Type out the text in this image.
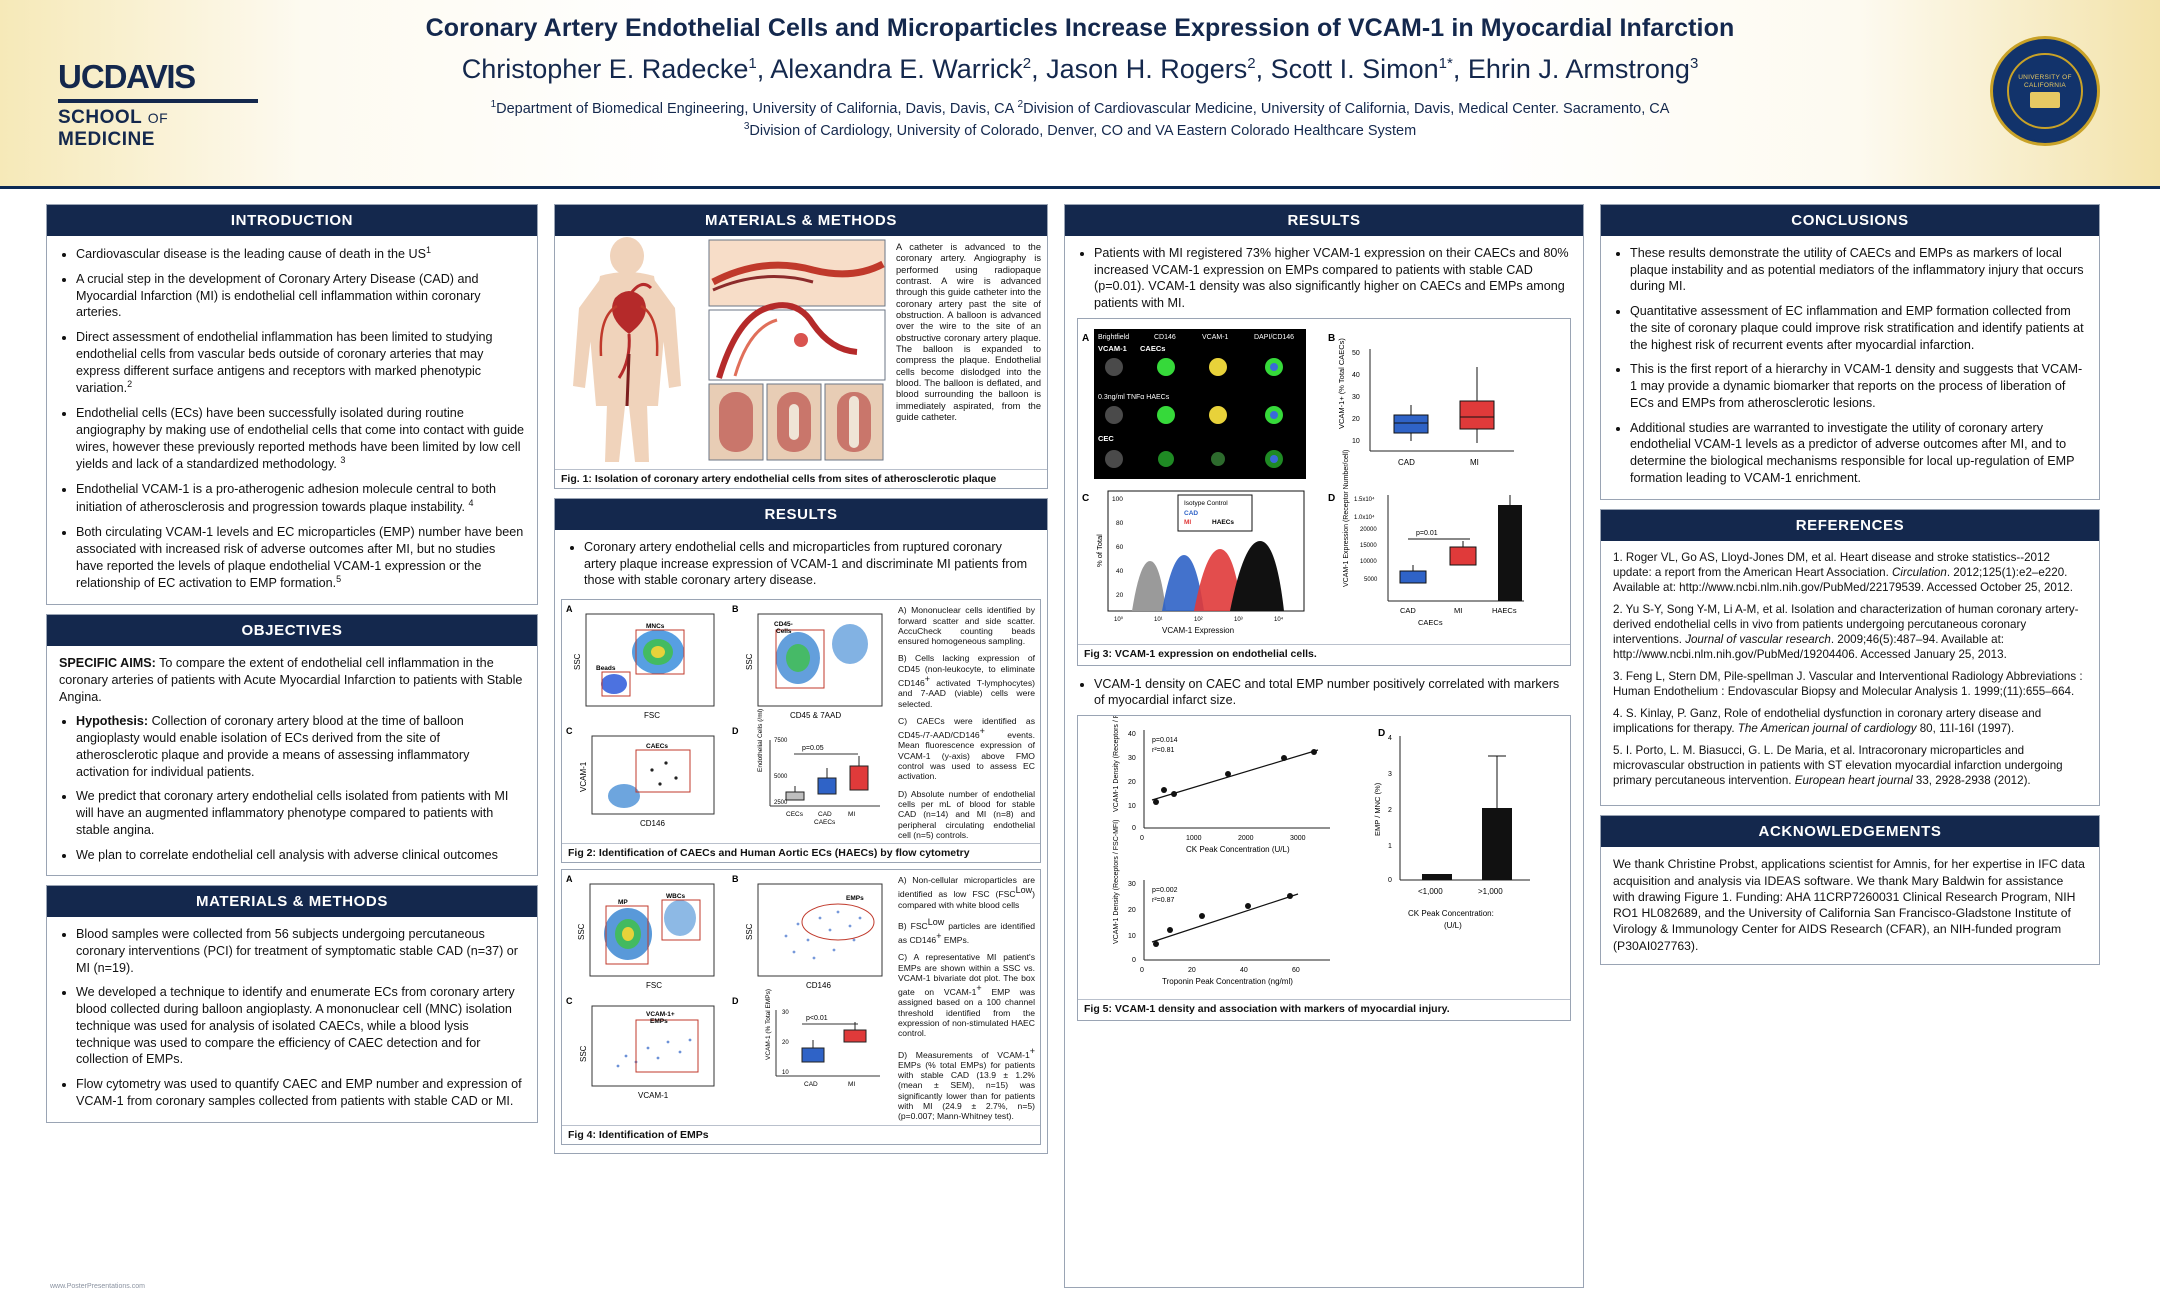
UC DAVIS
SCHOOL OF MEDICINE
Coronary Artery Endothelial Cells and Microparticles Increase Expression of VCAM-1 in Myocardial Infarction
Christopher E. Radecke$^1$, Alexandra E. Warrick$^2$, Jason H. Rogers$^2$, Scott I. Simon$^{1*}$, Ehrin J. Armstrong$^3$
$^1$Department of Biomedical Engineering, University of California, Davis, Davis, CA $^2$Division of Cardiovascular Medicine, University of California, Davis, Medical Center. Sacramento, CA
$^3$Division of Cardiology, University of Colorado, Denver, CO and VA Eastern Colorado Healthcare System
UNIVERSITY OF CALIFORNIA
INTRODUCTION
• Cardiovascular disease is the leading cause of death in the $US^1$
• A crucial step in the development of Coronary Artery Disease (CAD) and Myocardial Infarction (MI) is endothelial cell inflammation within coronary arteries.
• Direct assessment of endothelial inflammation has been limited to studying endothelial cells from vascular beds outside of coronary arteries that may express different surface antigens and receptors with marked phenotypic variation.$^2$
• Endothelial cells (ECs) have been successfully isolated during routine angiography by making use of endothelial cells that come into contact with guide wires, however these previously reported methods have been limited by low cell yields and lack of a standardized methodology. $^3$
• Endothelial VCAM-1 is a pro-atherogenic adhesion molecule central to both initiation of atherosclerosis and progression towards plaque instability. $^4$
• Both circulating VCAM-1 levels and EC microparticles (EMP) number have been associated with increased risk of adverse outcomes after MI, but no studies have reported the levels of plaque endothelial VCAM-1 expression or the relationship of EC activation to EMP formation.$^5$
OBJECTIVES
SPECIFIC AIMS: To compare the extent of endothelial cell inflammation in the coronary arteries of patients with Acute Myocardial Infarction to patients with Stable Angina.
• Hypothesis: Collection of coronary artery blood at the time of balloon angioplasty would enable isolation of ECs derived from the site of atherosclerotic plaque and provide a means of assessing inflammatory activation for individual patients.
• We predict that coronary artery endothelial cells isolated from patients with MI will have an augmented inflammatory phenotype compared to patients with stable angina.
• We plan to correlate endothelial cell analysis with adverse clinical outcomes
MATERIALS & METHODS
• Blood samples were collected from 56 subjects undergoing percutaneous coronary interventions (PCI) for treatment of symptomatic stable CAD (n=37) or MI (n=19).
• We developed a technique to identify and enumerate ECs from coronary artery blood collected during balloon angioplasty. A mononuclear cell (MNC) isolation technique was used for analysis of isolated CAECs, while a blood lysis technique was used to compare the efficiency of CAEC detection and for collection of EMPs.
• Flow cytometry was used to quantify CAEC and EMP number and expression of VCAM-1 from coronary samples collected from patients with stable CAD or MI.
MATERIALS & METHODS
A catheter is advanced to the coronary artery. Angiography is performed using radiopaque contrast. A wire is advanced through this guide catheter into the coronary artery past the site of obstruction. A balloon is advanced over the wire to the site of an obstructive coronary artery plaque. The balloon is expanded to compress the plaque. Endothelial cells become dislodged into the blood. The balloon is deflated, and blood surrounding the balloon is immediately aspirated, from the guide catheter.
Fig. 1: Isolation of coronary artery endothelial cells from sites of atherosclerotic plaque
RESULTS
• Coronary artery endothelial cells and microparticles from ruptured coronary artery plaque increase expression of VCAM-1 and discriminate MI patients from those with stable coronary artery disease.
A
Beads
MNCs
FSC
SSC
B
CD45-
Cells
CD45 & 7AAD
SSC
C
CAECs
CD146
VCAM-1
D
p=0.05
Endothelial Cells (/ml) 7500
5000
2500
CECs CAD	MI
CAECs

A) Mononuclear cells identified by forward scatter and side scatter. AccuCheck counting beads ensured homogeneous sampling.

B) Cells lacking expression of CD45 (non-leukocyte, to eliminate CD146+ activated T-lymphocytes) and 7-AAD (viable) cells were selected.

C) CAECs were identified as CD45-/7-AAD/CD146+ events. Mean fluorescence expression of VCAM-1 (y-axis) above FMO control was used to assess EC activation.

D) Absolute number of endothelial cells per mL of blood for stable CAD (n=14) and MI (n=8) and peripheral circulating endothelial cell (n=5) controls.

Fig 2: Identification of CAECs and Human Aortic ECs (HAECs) by flow cytometry
A
MP
WBCs
FSC
SSC
B
EMPs
CD146
SSC
C
VCAM-1+
EMPs
VCAM-1
SSC
D
p<0.01
VCAM-1 (% Total EMPs) 30
20
10
CAD	MI

A) Non-cellular microparticles are identified as low FSC $(FSC^{Low})$ compared with white blood cells

B) $FSC^{Low}$ particles are identified as CD146+ EMPs.

C) A representative MI patient's EMPs are shown within a SSC vs. VCAM-1 bivariate dot plot. The box gate on VCAM-1+ EMP was assigned based on a 100 channel threshold identified from the expression of non-stimulated HAEC control.

D) Measurements of VCAM-1+ EMPs (% total EMPs) for patients with stable CAD (13.9 ± 1.2% (mean ± SEM), n=15) was significantly lower than for patients with MI (24.9 ± 2.7%, n=5) (p=0.007; Mann-Whitney test).

Fig 4: Identification of EMPs
RESULTS
• Patients with MI registered 73% higher VCAM-1 expression on their CAECs and 80% increased VCAM-1 expression on EMPs compared to patients with stable CAD (p=0.01). VCAM-1 density was also significantly higher on CAECs and EMPs among patients with MI.
A Brightfield	CD146	VCAM-1	DAPI/CD146
VCAM-1 CAECs
0.3ng/ml TNFα HAECs
CEC
B
50
40
30
20
10
VCAM-1+ (% Total CAECs)
CAD	MI
C
% of Total
100
80
60
40
20
Isotype Control
CAD
MI	HAECs
10⁰	10¹	10²	10³	10⁴
VCAM-1 Expression
D	1.5x10⁴
1.0x10⁴
20000
15000
10000
5000
VCAM-1 Expression (Receptor Number/cell)	p=0.01
CAD	MI	HAECs
CAECs
Fig 3: VCAM-1 expression on endothelial cells.
• VCAM-1 density on CAEC and total EMP number positively correlated with markers of myocardial infarct size.
40
30
20
10
0
VCAM-1 Density (Receptors / FSC-MFI)	p=0.014
r²=0.81
0	1000	2000	3000
CK Peak Concentration (U/L)
D 4
3
2
1
0
EMP / MNC (%)
<1,000	>1,000
CK Peak Concentration:
(U/L)
30
20
10
0
VCAM-1 Density (Receptors / FSC-MFI)	p=0.002
r²=0.87
0	20	40	60
Troponin Peak Concentration (ng/ml)
Fig 5: VCAM-1 density and association with markers of myocardial injury.
CONCLUSIONS
• These results demonstrate the utility of CAECs and EMPs as markers of local plaque instability and as potential mediators of the inflammatory injury that occurs during MI.
• Quantitative assessment of EC inflammation and EMP formation collected from the site of coronary plaque could improve risk stratification and identify patients at the highest risk of recurrent events after myocardial infarction.
• This is the first report of a hierarchy in VCAM-1 density and suggests that VCAM-1 may provide a dynamic biomarker that reports on the process of liberation of ECs and EMPs from atherosclerotic lesions.
• Additional studies are warranted to investigate the utility of coronary artery endothelial VCAM-1 levels as a predictor of adverse outcomes after MI, and to determine the biological mechanisms responsible for local up-regulation of EMP formation leading to VCAM-1 enrichment.
REFERENCES

1. Roger VL, Go AS, Lloyd-Jones DM, et al. Heart disease and stroke statistics--2012 update: a report from the American Heart Association. Circulation. 2012;125(1):e2–e220. Available at: http://www.ncbi.nlm.nih.gov/PubMed/22179539. Accessed October 25, 2012.

2. Yu S-Y, Song Y-M, Li A-M, et al. Isolation and characterization of human coronary artery-derived endothelial cells in vivo from patients undergoing percutaneous coronary interventions. Journal of vascular research. 2009;46(5):487–94. Available at: http://www.ncbi.nlm.nih.gov/PubMed/19204406. Accessed January 25, 2013.

3. Feng L, Stern DM, Pile-spellman J. Vascular and Interventional Radiology Abbreviations : Human Endothelium : Endovascular Biopsy and Molecular Analysis 1. 1999;(11):655–664.

4. S. Kinlay, P. Ganz, Role of endothelial dysfunction in coronary artery disease and implications for therapy. The American journal of cardiology 80, 11I-16I (1997).

5. I. Porto, L. M. Biasucci, G. L. De Maria, et al. Intracoronary microparticles and microvascular obstruction in patients with ST elevation myocardial infarction undergoing primary percutaneous intervention. European heart journal 33, 2928-2938 (2012).

ACKNOWLEDGEMENTS
We thank Christine Probst, applications scientist for Amnis, for her expertise in IFC data acquisition and analysis via IDEAS software. We thank Mary Baldwin for assistance with drawing Figure 1. Funding: AHA 11CRP7260031 Clinical Research Program, NIH RO1 HL082689, and the University of California San Francisco-Gladstone Institute of Virology & Immunology Center for AIDS Research (CFAR), an NIH-funded program (P30AI027763).
www.PosterPresentations.com
